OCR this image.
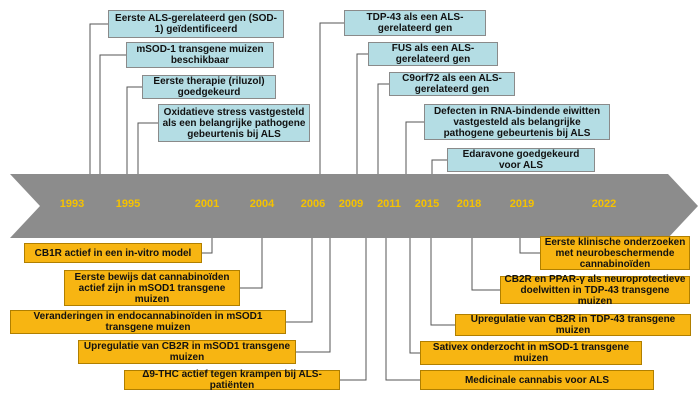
1993	1995	2001	2004	2006	2009	2011	2015	2018	2019	2022
Eerste ALS-gerelateerd gen (SOD-1) geïdentificeerd
mSOD-1 transgene muizen beschikbaar
Eerste therapie (riluzol) goedgekeurd
Oxidatieve stress vastgesteld als een belangrijke pathogene gebeurtenis bij ALS
TDP-43 als een ALS-gerelateerd gen
FUS als een ALS-gerelateerd gen
C9orf72 als een ALS-gerelateerd gen
Defecten in RNA-bindende eiwitten vastgesteld als belangrijke pathogene gebeurtenis bij ALS
Edaravone goedgekeurd voor ALS
CB1R actief in een in-vitro model
Eerste bewijs dat cannabinoïden actief zijn in mSOD1 transgene muizen
Veranderingen in endocannabinoïden in mSOD1 transgene muizen
Upregulatie van CB2R in mSOD1 transgene muizen
Δ9-THC actief tegen krampen bij ALS-patiënten
Eerste klinische onderzoeken met neurobeschermende cannabinoïden
CB2R en PPAR-γ als neuroprotectieve doelwitten in TDP-43 transgene muizen
Upregulatie van CB2R in TDP-43 transgene muizen
Sativex onderzocht in mSOD-1 transgene muizen
Medicinale cannabis voor ALS
